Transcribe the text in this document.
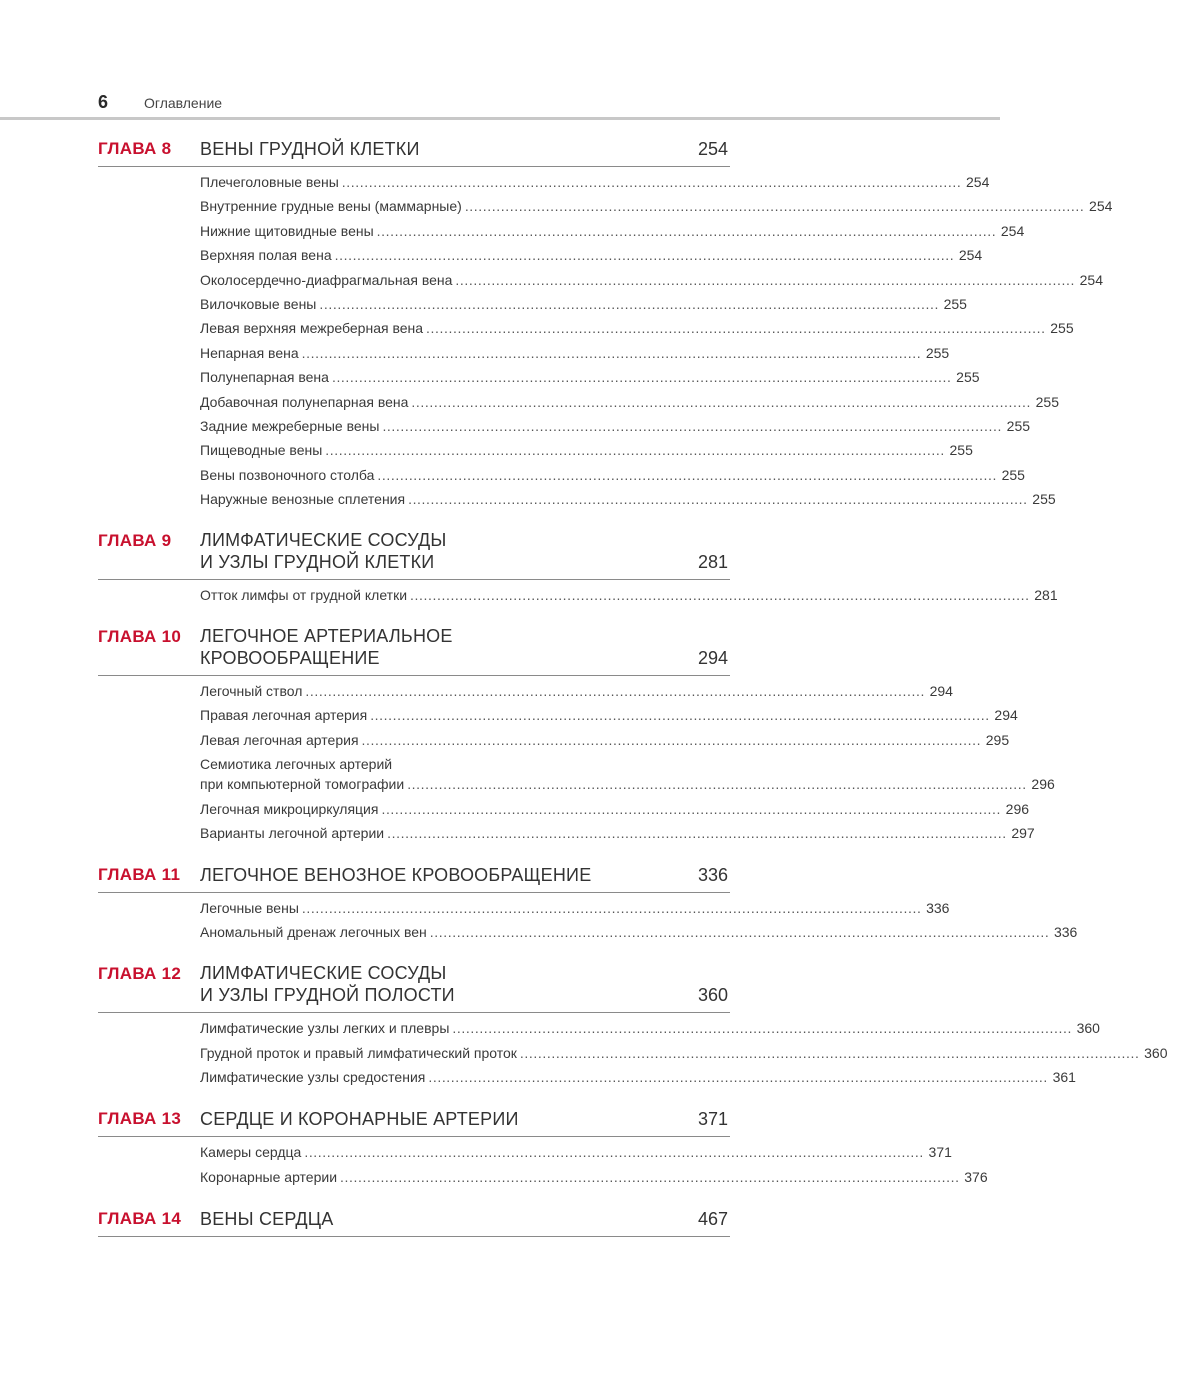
6	Оглавление
ГЛАВА 8	ВЕНЫ ГРУДНОЙ КЛЕТКИ	254
Плечеголовные вены .......................................................................................................................................... 254
Внутренние грудные вены (маммарные) .......................................................................................................................................... 254
Нижние щитовидные вены .......................................................................................................................................... 254
Верхняя полая вена .......................................................................................................................................... 254
Околосердечно-диафрагмальная вена .......................................................................................................................................... 254
Вилочковые вены .......................................................................................................................................... 255
Левая верхняя межреберная вена .......................................................................................................................................... 255
Непарная вена .......................................................................................................................................... 255
Полунепарная вена .......................................................................................................................................... 255
Добавочная полунепарная вена .......................................................................................................................................... 255
Задние межреберные вены .......................................................................................................................................... 255
Пищеводные вены .......................................................................................................................................... 255
Вены позвоночного столба .......................................................................................................................................... 255
Наружные венозные сплетения .......................................................................................................................................... 255
ГЛАВА 9	ЛИМФАТИЧЕСКИЕ СОСУДЫ
И УЗЛЫ ГРУДНОЙ КЛЕТКИ	281
Отток лимфы от грудной клетки .......................................................................................................................................... 281
ГЛАВА 10	ЛЕГОЧНОЕ АРТЕРИАЛЬНОЕ
КРОВООБРАЩЕНИЕ	294
Легочный ствол .......................................................................................................................................... 294
Правая легочная артерия .......................................................................................................................................... 294
Левая легочная артерия .......................................................................................................................................... 295
Семиотика легочных артерий
при компьютерной томографии .......................................................................................................................................... 296
Легочная микроциркуляция .......................................................................................................................................... 296
Варианты легочной артерии .......................................................................................................................................... 297
ГЛАВА 11	ЛЕГОЧНОЕ ВЕНОЗНОЕ КРОВООБРАЩЕНИЕ	336
Легочные вены .......................................................................................................................................... 336
Аномальный дренаж легочных вен .......................................................................................................................................... 336
ГЛАВА 12	ЛИМФАТИЧЕСКИЕ СОСУДЫ
И УЗЛЫ ГРУДНОЙ ПОЛОСТИ	360
Лимфатические узлы легких и плевры .......................................................................................................................................... 360
Грудной проток и правый лимфатический проток .......................................................................................................................................... 360
Лимфатические узлы средостения .......................................................................................................................................... 361
ГЛАВА 13	СЕРДЦЕ И КОРОНАРНЫЕ АРТЕРИИ	371
Камеры сердца .......................................................................................................................................... 371
Коронарные артерии .......................................................................................................................................... 376
ГЛАВА 14	ВЕНЫ СЕРДЦА	467
